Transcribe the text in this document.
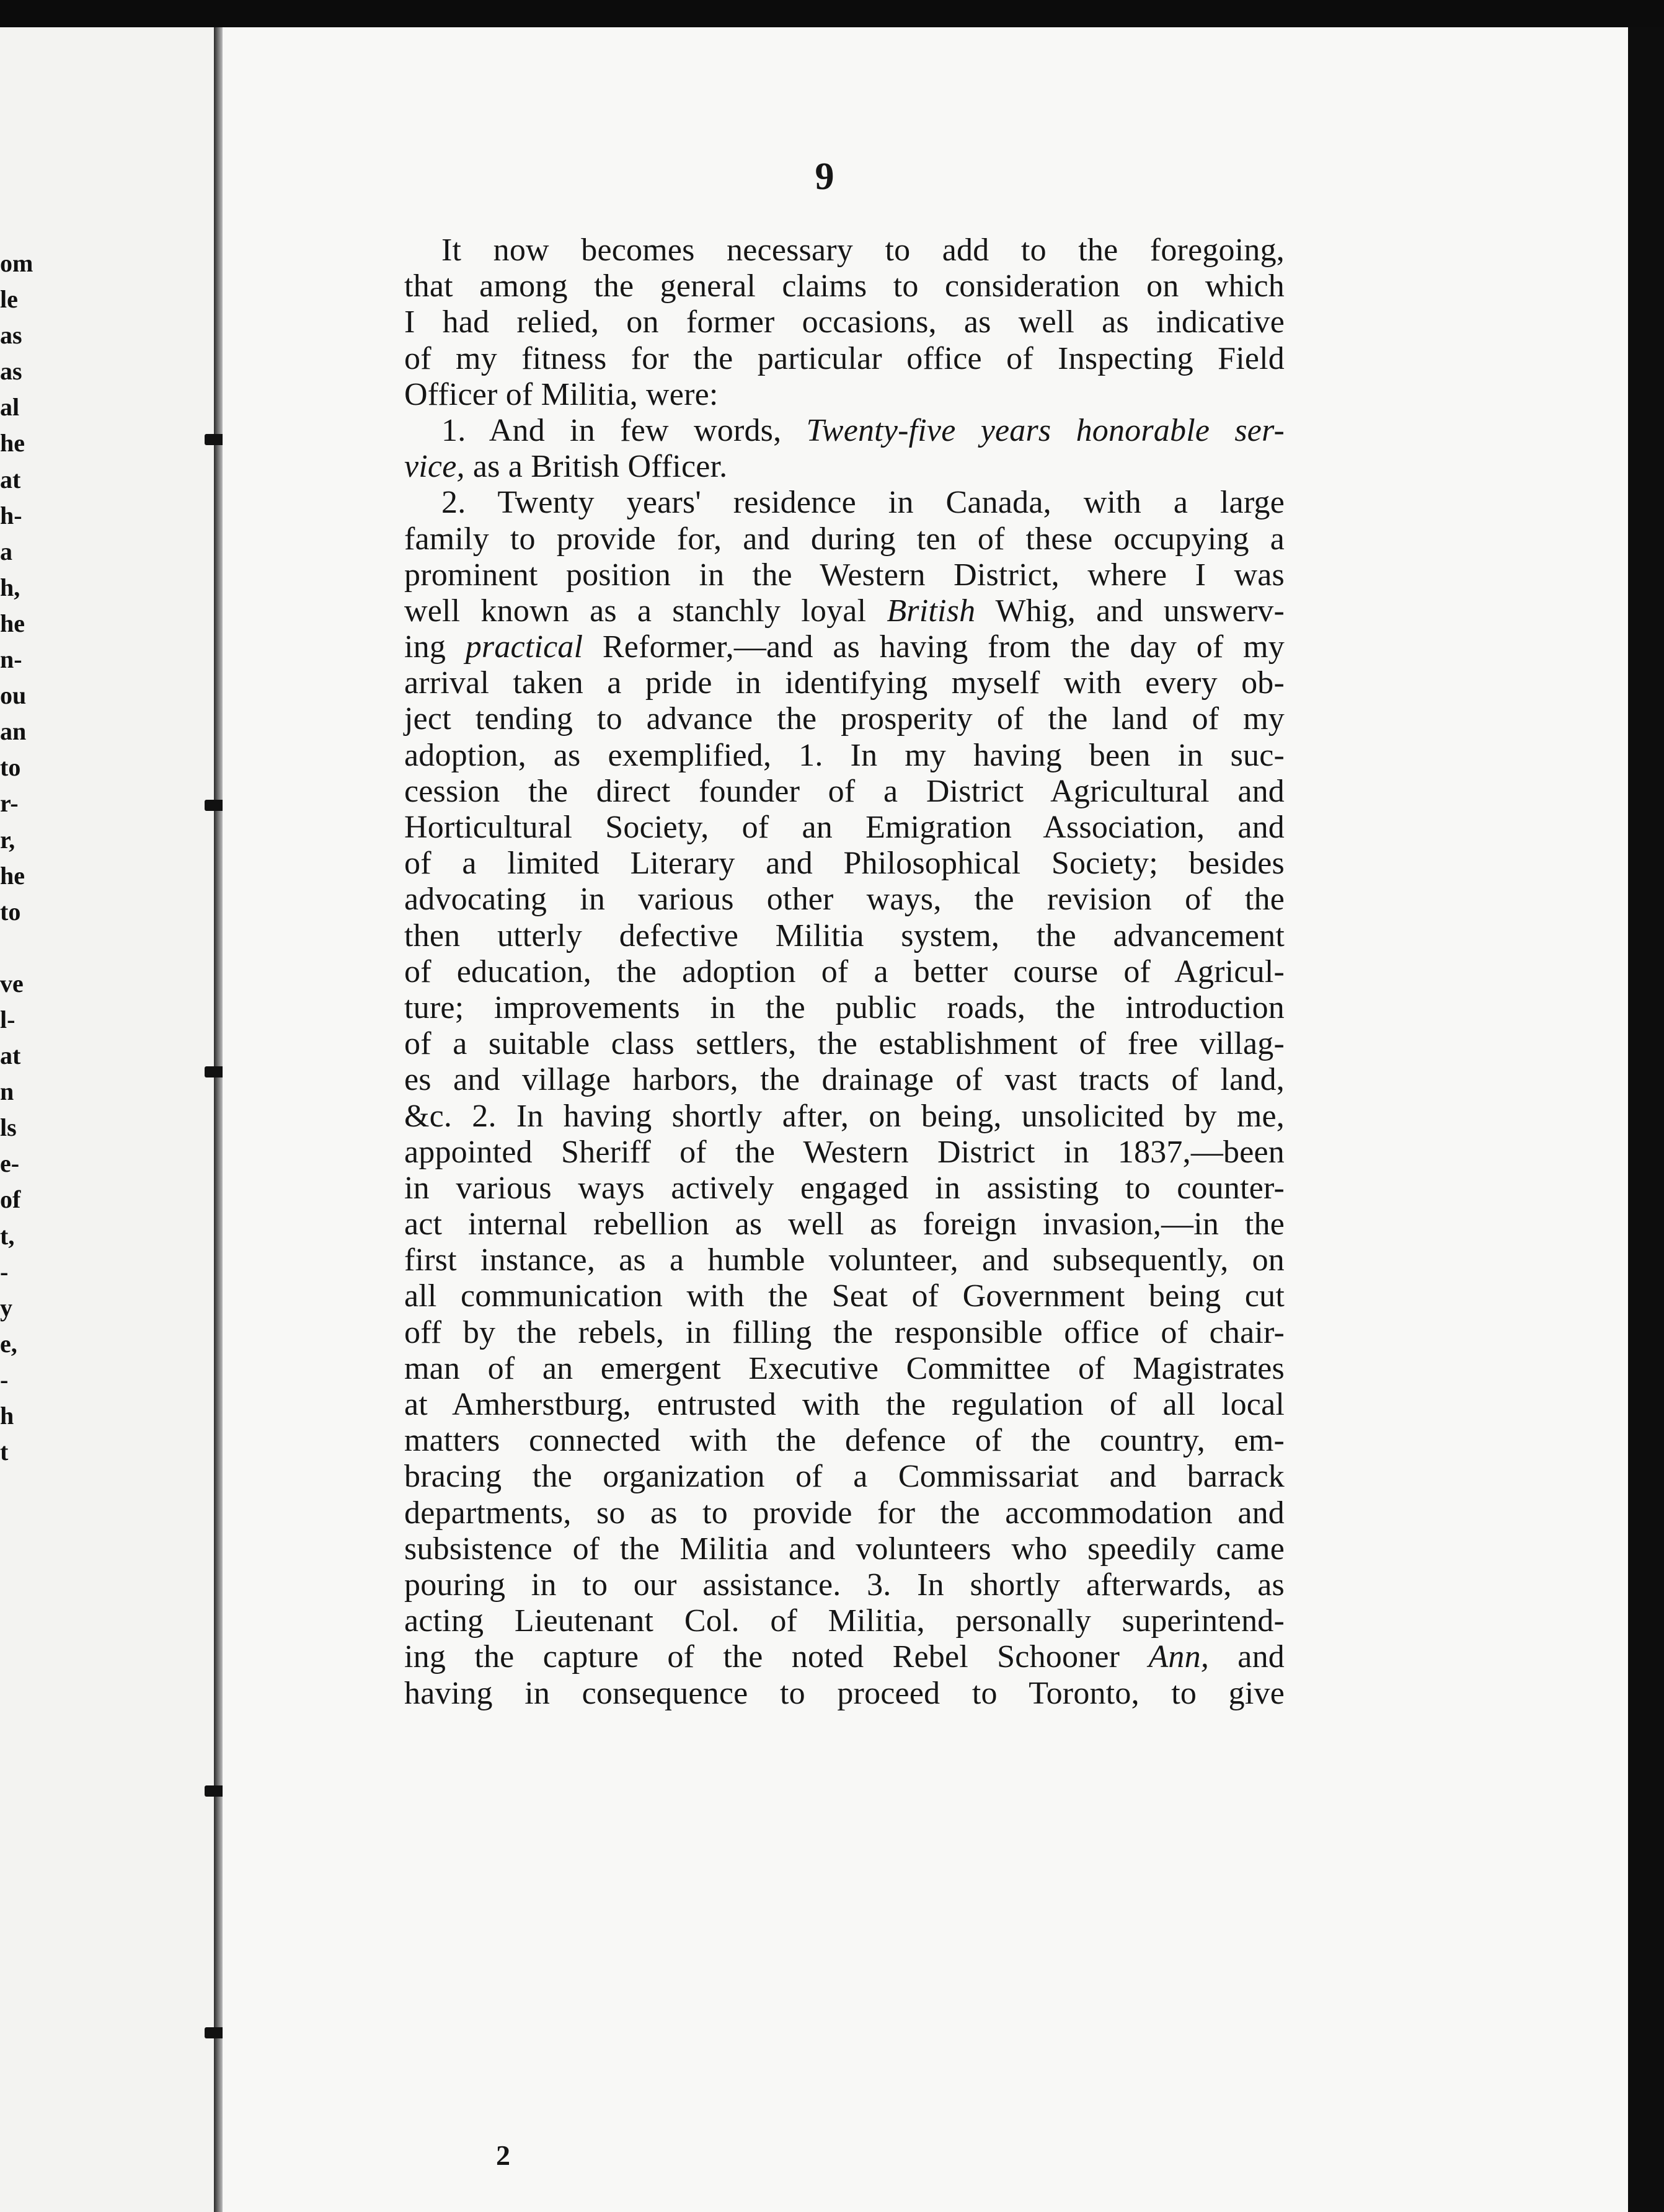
om
le
as
as
al
he
at
h-
a
h,
he
n-
ou
an
to
r-
r,
he
to
ve
l-
at
n
ls
e-
of
t,
-
y
e,
-
h
t
9
It now becomes necessary to add to the foregoing,
that among the general claims to consideration on which
I had relied, on former occasions, as well as indicative
of my fitness for the particular office of Inspecting Field
Officer of Militia, were:
1. And in few words, Twenty-five years honorable ser-
vice, as a British Officer.
2. Twenty years' residence in Canada, with a large
family to provide for, and during ten of these occupying a
prominent position in the Western District, where I was
well known as a stanchly loyal British Whig, and unswerv-
ing practical Reformer,—and as having from the day of my
arrival taken a pride in identifying myself with every ob-
ject tending to advance the prosperity of the land of my
adoption, as exemplified, 1. In my having been in suc-
cession the direct founder of a District Agricultural and
Horticultural Society, of an Emigration Association, and
of a limited Literary and Philosophical Society; besides
advocating in various other ways, the revision of the
then utterly defective Militia system, the advancement
of education, the adoption of a better course of Agricul-
ture; improvements in the public roads, the introduction
of a suitable class settlers, the establishment of free villag-
es and village harbors, the drainage of vast tracts of land,
&c. 2. In having shortly after, on being, unsolicited by me,
appointed Sheriff of the Western District in 1837,—been
in various ways actively engaged in assisting to counter-
act internal rebellion as well as foreign invasion,—in the
first instance, as a humble volunteer, and subsequently, on
all communication with the Seat of Government being cut
off by the rebels, in filling the responsible office of chair-
man of an emergent Executive Committee of Magistrates
at Amherstburg, entrusted with the regulation of all local
matters connected with the defence of the country, em-
bracing the organization of a Commissariat and barrack
departments, so as to provide for the accommodation and
subsistence of the Militia and volunteers who speedily came
pouring in to our assistance. 3. In shortly afterwards, as
acting Lieutenant Col. of Militia, personally superintend-
ing the capture of the noted Rebel Schooner Ann, and
having in consequence to proceed to Toronto, to give
2
